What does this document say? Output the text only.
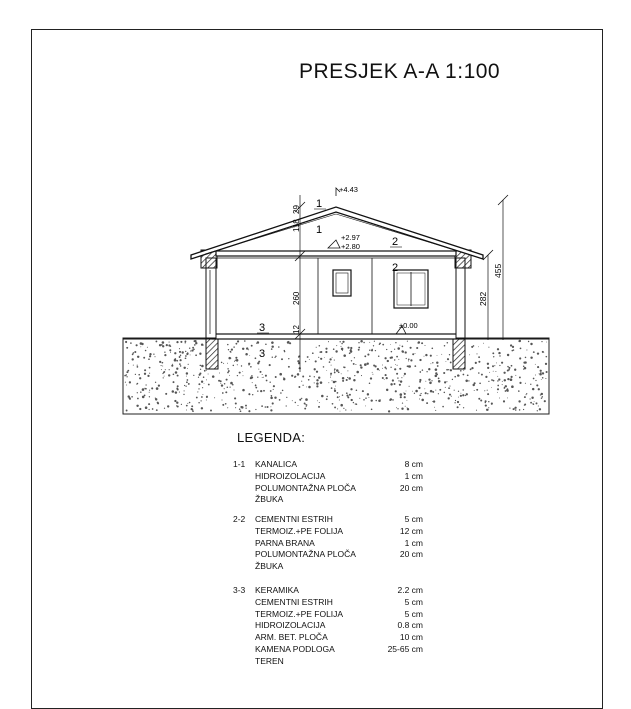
PRESJEK A-A 1:100
118
29
260
12
282
455
+4.43
+2.97
+2.80
±0.00
1
1
2
2
3
3
LEGENDA:
1-1	KANALICA	8 cm
HIDROIZOLACIJA	1 cm
POLUMONTAŽNA PLOČA	20 cm
ŽBUKA
2-2	CEMENTNI ESTRIH	5 cm
TERMOIZ.+PE FOLIJA	12 cm
PARNA BRANA	1 cm
POLUMONTAŽNA PLOČA	20 cm
ŽBUKA
3-3	KERAMIKA	2.2 cm
CEMENTNI ESTRIH	5 cm
TERMOIZ.+PE FOLIJA	5 cm
HIDROIZOLACIJA	0.8 cm
ARM. BET. PLOČA	10 cm
KAMENA PODLOGA	25-65 cm
TEREN
